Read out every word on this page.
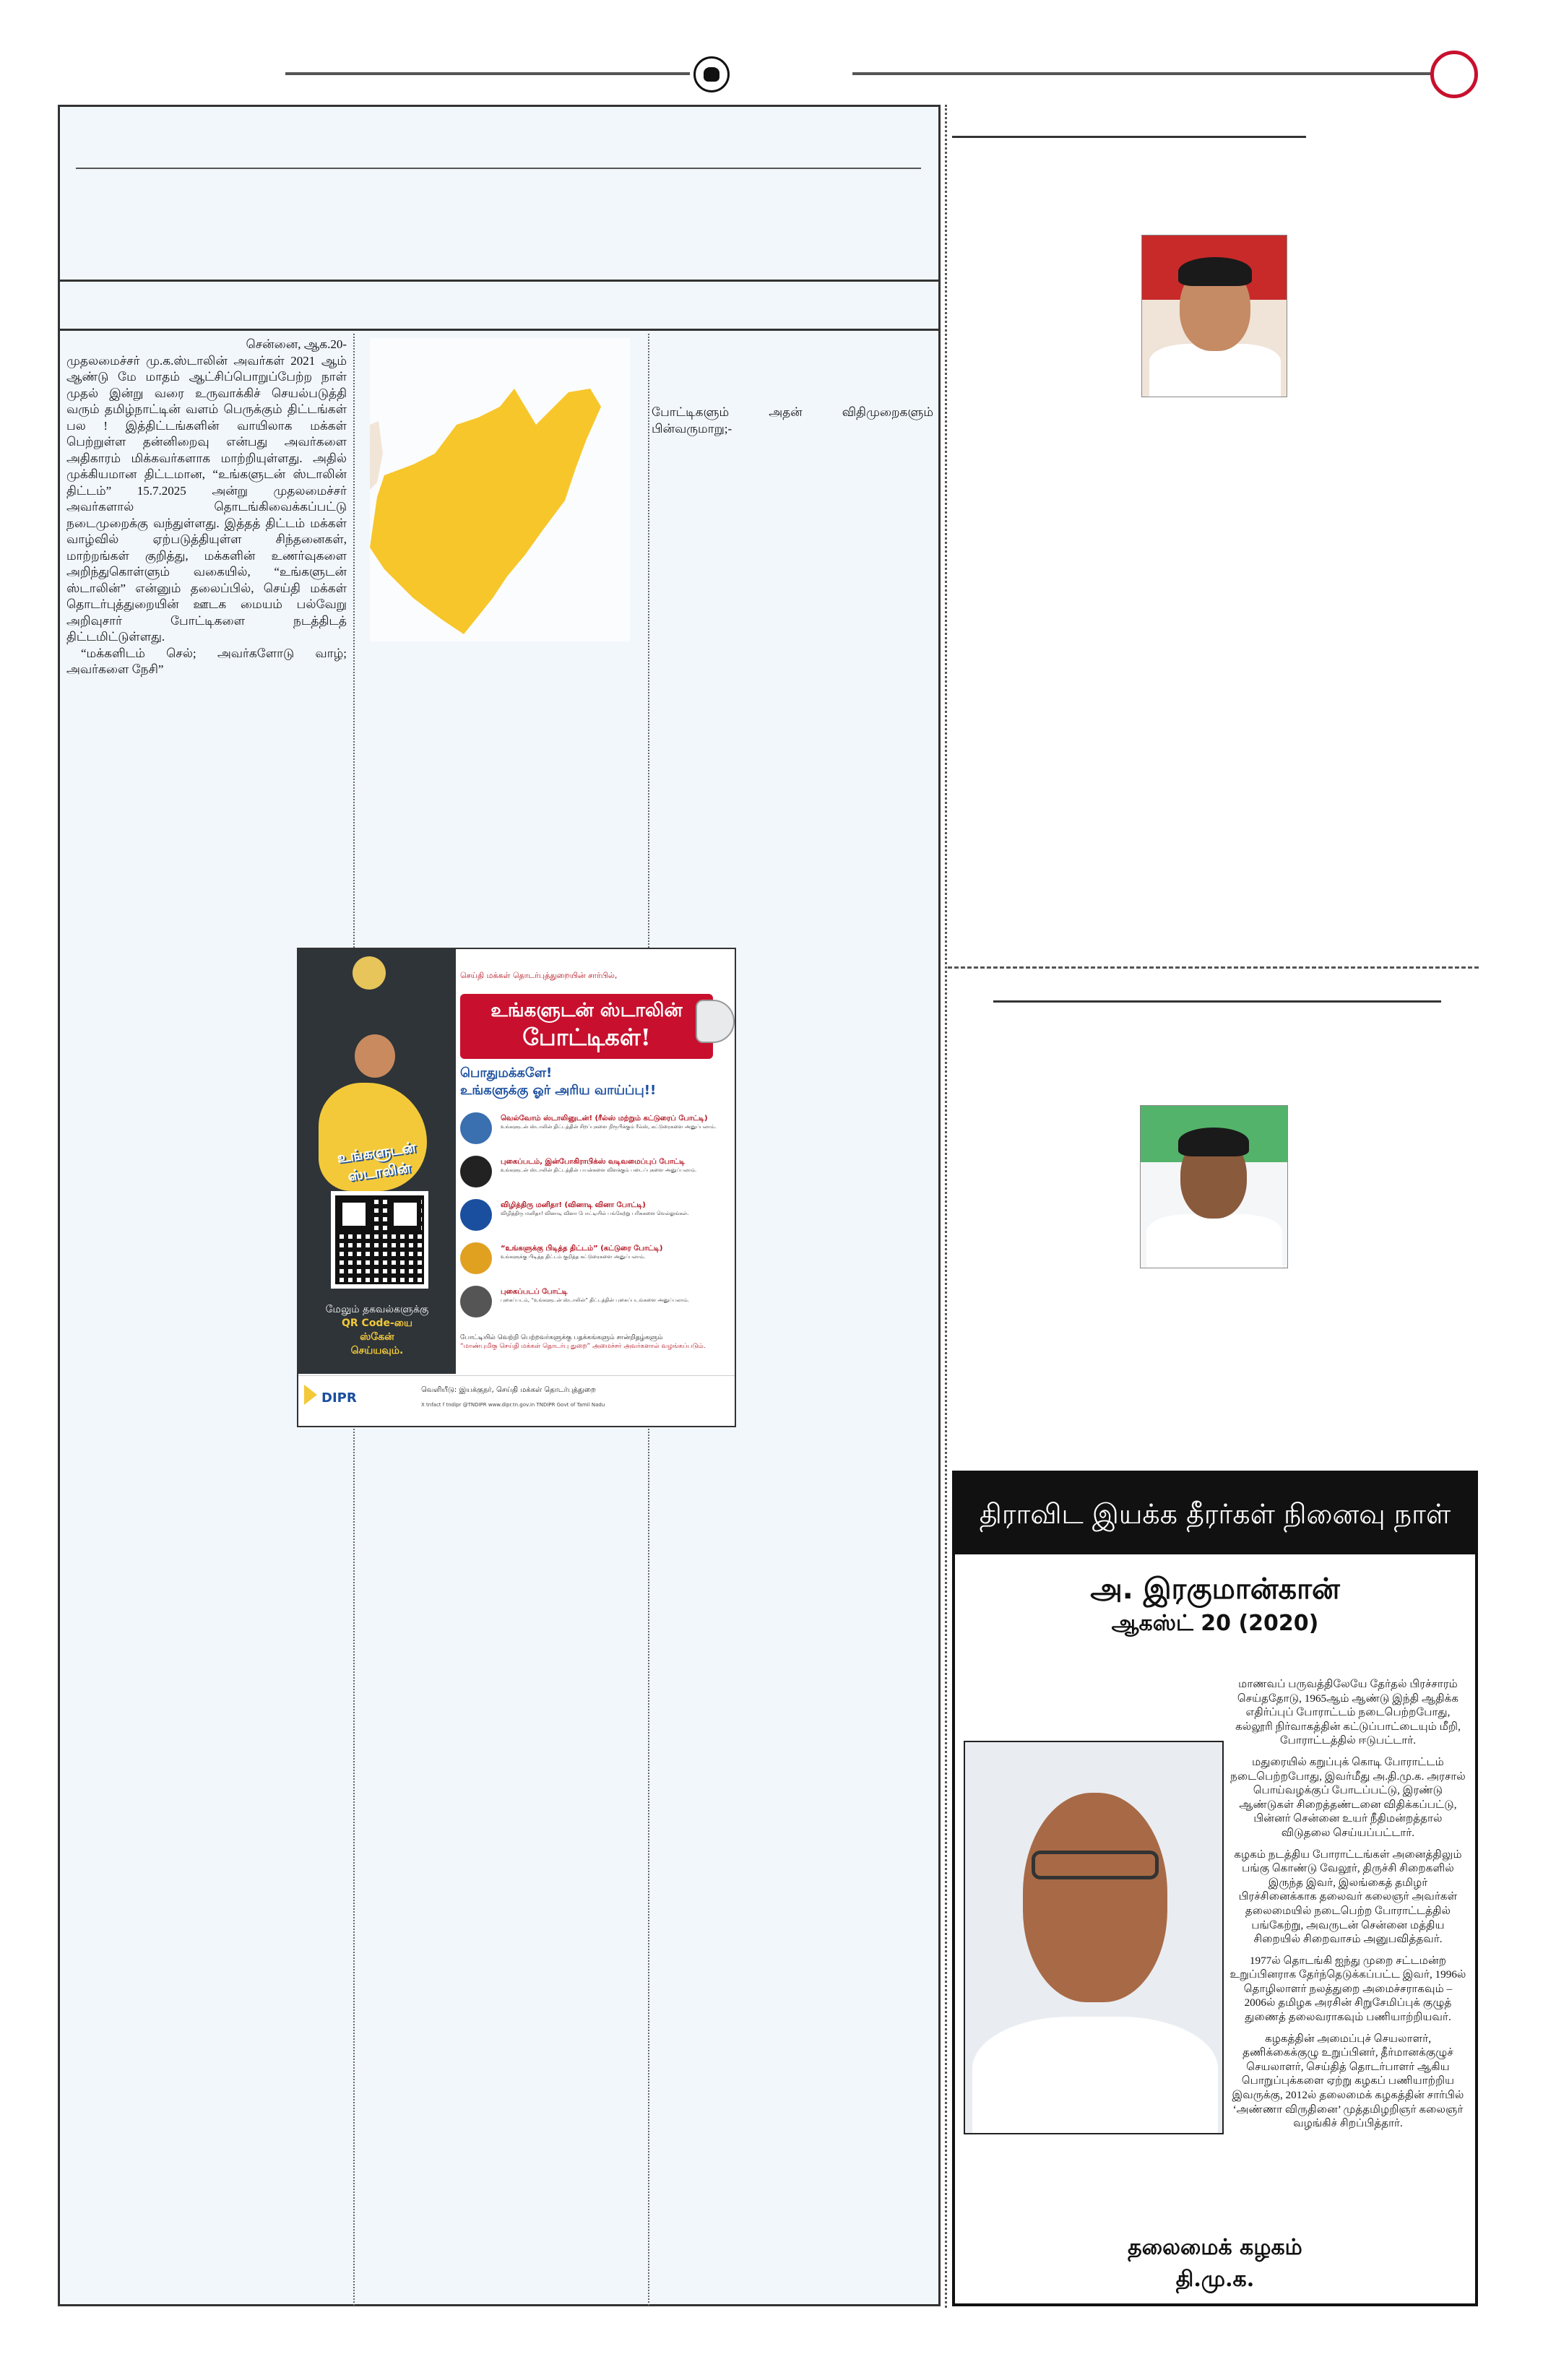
சென்னை, ஆக.20-

முதலமைச்சர் மு.க.ஸ்டாலின் அவர்கள் 2021 ஆம் ஆண்டு மே மாதம் ஆட்சிப்பொறுப்பேற்ற நாள் முதல் இன்று வரை உருவாக்கிச் செயல்படுத்தி வரும் தமிழ்நாட்டின் வளம் பெருக்கும் திட்டங்கள் பல ! இத்திட்டங்களின் வாயிலாக மக்கள் பெற்றுள்ள தன்னிறைவு என்பது அவர்களை அதிகாரம் மிக்கவர்களாக மாற்றியுள்ளது. அதில் முக்கியமான திட்டமான, “உங்களுடன் ஸ்டாலின் திட்டம்” 15.7.2025 அன்று முதலமைச்சர் அவர்களால் தொடங்கிவைக்கப்பட்டு நடைமுறைக்கு வந்துள்ளது. இத்தத் திட்டம் மக்கள் வாழ்வில் ஏற்படுத்தியுள்ள சிந்தனைகள், மாற்றங்கள் குறித்து, மக்களின் உணர்வுகளை அறிந்துகொள்ளும் வகையில், “உங்களுடன் ஸ்டாலின்” என்னும் தலைப்பில், செய்தி மக்கள் தொடர்புத்துறையின் ஊடக மையம் பல்வேறு அறிவுசார் போட்டிகளை நடத்திடத் திட்டமிட்டுள்ளது.

“மக்களிடம் செல்; அவர்களோடு வாழ்; அவர்களை நேசி”

போட்டிகளும் அதன் விதிமுறைகளும் பின்வருமாறு;-

உங்களுடன் ஸ்டாலின்
மேலும் தகவல்களுக்கு
QR Code-யை
ஸ்கேன்
செய்யவும்.
செய்தி மக்கள் தொடர்புத்துறையின் சார்பில்,
உங்களுடன் ஸ்டாலின்
போட்டிகள்!
பொதுமக்களே!
உங்களுக்கு ஓர் அரிய வாய்ப்பு!!
வெல்வோம் ஸ்டாலினுடன்! (ரீல்ஸ் மற்றும் கட்டுரைப் போட்டி)
உங்களுடன் ஸ்டாலின் திட்டத்தின் சிறப்புகளை நிரூபிக்கும் ரீல்ஸ், கட்டுரைகளை அனுப்பலாம்.
புகைப்படம், இன்போகிராபிக்ஸ் வடிவமைப்புப் போட்டி
உங்களுடன் ஸ்டாலின் திட்டத்தின் பயன்களை விளக்கும் படைப்புகளை அனுப்பலாம்.
விழித்திரு மனிதா! (வினாடி வினா போட்டி)
விழித்திரு மனிதா! வினாடி வினா போட்டியில் பங்கேற்று பரிசுகளை வெல்லுங்கள்.
“உங்களுக்கு பிடித்த திட்டம்” (கட்டுரை போட்டி)
உங்களுக்கு பிடித்த திட்டம் குறித்த கட்டுரைகளை அனுப்பலாம்.
புகைப்படப் போட்டி
புகைப்படம், “உங்களுடன் ஸ்டாலின்” திட்டத்தின் புகைப்படங்களை அனுப்பலாம்.
போட்டியில் வெற்றி பெற்றவர்களுக்கு பதக்கங்களும் சான்றிதழ்களும்
“மாண்புமிகு செய்தி மக்கள் தொடர்பு துறை” அமைச்சர் அவர்களால் வழங்கப்படும்.
DIPR
வெளியீடு: இயக்குநர், செய்தி மக்கள் தொடர்புத்துறை
X tnfact f tndipr @TNDIPR www.dipr.tn.gov.in TNDIPR Govt of Tamil Nadu
திராவிட இயக்க தீரர்கள் நினைவு நாள்
அ. இரகுமான்கான்
ஆகஸ்ட் 20 (2020)

மாணவப் பருவத்திலேயே தேர்தல் பிரச்சாரம் செய்ததோடு, 1965ஆம் ஆண்டு இந்தி ஆதிக்க எதிர்ப்புப் போராட்டம் நடைபெற்றபோது, கல்லூரி நிர்வாகத்தின் கட்டுப்பாட்டையும் மீறி, போராட்டத்தில் ஈடுபட்டார்.

மதுரையில் கறுப்புக் கொடி போராட்டம் நடைபெற்றபோது, இவர்மீது அ.தி.மு.க. அரசால் பொய்வழக்குப் போடப்பட்டு, இரண்டு ஆண்டுகள் சிறைத்தண்டனை விதிக்கப்பட்டு, பின்னர் சென்னை உயர் நீதிமன்றத்தால் விடுதலை செய்யப்பட்டார்.

கழகம் நடத்திய போராட்டங்கள் அனைத்திலும் பங்கு கொண்டு வேலூர், திருச்சி சிறைகளில் இருந்த இவர், இலங்கைத் தமிழர் பிரச்சினைக்காக தலைவர் கலைஞர் அவர்கள் தலைமையில் நடைபெற்ற போராட்டத்தில் பங்கேற்று, அவருடன் சென்னை மத்திய சிறையில் சிறைவாசம் அனுபவித்தவர்.

1977ல் தொடங்கி ஐந்து முறை சட்டமன்ற உறுப்பினராக தேர்ந்தெடுக்கப்பட்ட இவர், 1996ல் தொழிலாளர் நலத்துறை அமைச்சராகவும் – 2006ல் தமிழக அரசின் சிறுசேமிப்புக் குழுத் துணைத் தலைவராகவும் பணியாற்றியவர்.

கழகத்தின் அமைப்புச் செயலாளர், தணிக்கைக்குழு உறுப்பினர், தீர்மானக்குழுச் செயலாளர், செய்தித் தொடர்பாளர் ஆகிய பொறுப்புக்களை ஏற்று கழகப் பணியாற்றிய இவருக்கு, 2012ல் தலைமைக் கழகத்தின் சார்பில் ‘அண்ணா விருதினை’ முத்தமிழறிஞர் கலைஞர் வழங்கிச் சிறப்பித்தார்.

தலைமைக் கழகம்
தி.மு.க.
